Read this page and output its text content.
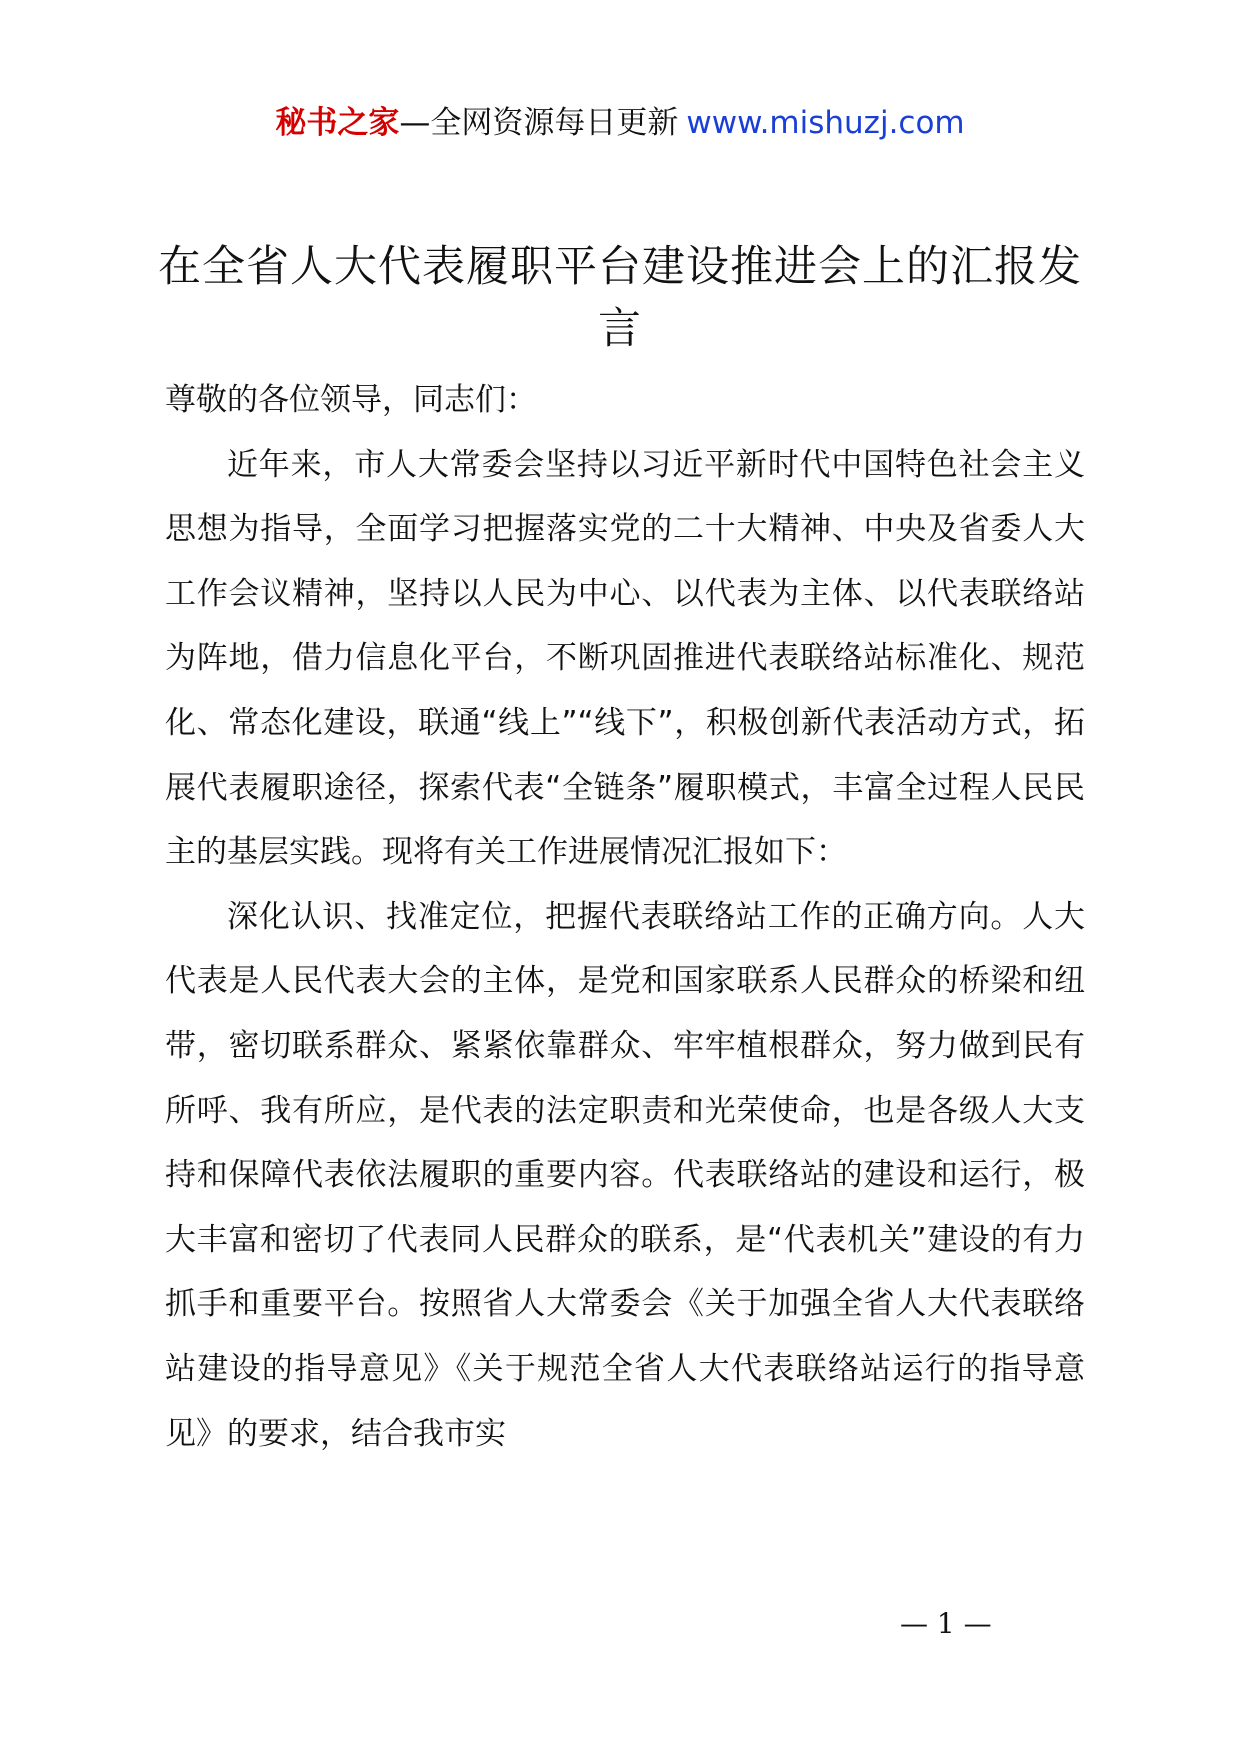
秘书之家—全网资源每日更新 www.mishuzj.com
在全省人大代表履职平台建设推进会上的汇报发言

尊敬的各位领导，同志们：

近年来，市人大常委会坚持以习近平新时代中国特色社会主义思想为指导，全面学习把握落实党的二十大精神、中央及省委人大工作会议精神，坚持以人民为中心、以代表为主体、以代表联络站为阵地，借力信息化平台，不断巩固推进代表联络站标准化、规范化、常态化建设，联通“线上”“线下”，积极创新代表活动方式，拓展代表履职途径，探索代表“全链条”履职模式，丰富全过程人民民主的基层实践。现将有关工作进展情况汇报如下：

深化认识、找准定位，把握代表联络站工作的正确方向。人大代表是人民代表大会的主体，是党和国家联系人民群众的桥梁和纽带，密切联系群众、紧紧依靠群众、牢牢植根群众，努力做到民有所呼、我有所应，是代表的法定职责和光荣使命，也是各级人大支持和保障代表依法履职的重要内容。代表联络站的建设和运行，极大丰富和密切了代表同人民群众的联系，是“代表机关”建设的有力抓手和重要平台。按照省人大常委会《关于加强全省人大代表联络站建设的指导意见》《关于规范全省人大代表联络站运行的指导意见》的要求，结合我市实

— 1 —
